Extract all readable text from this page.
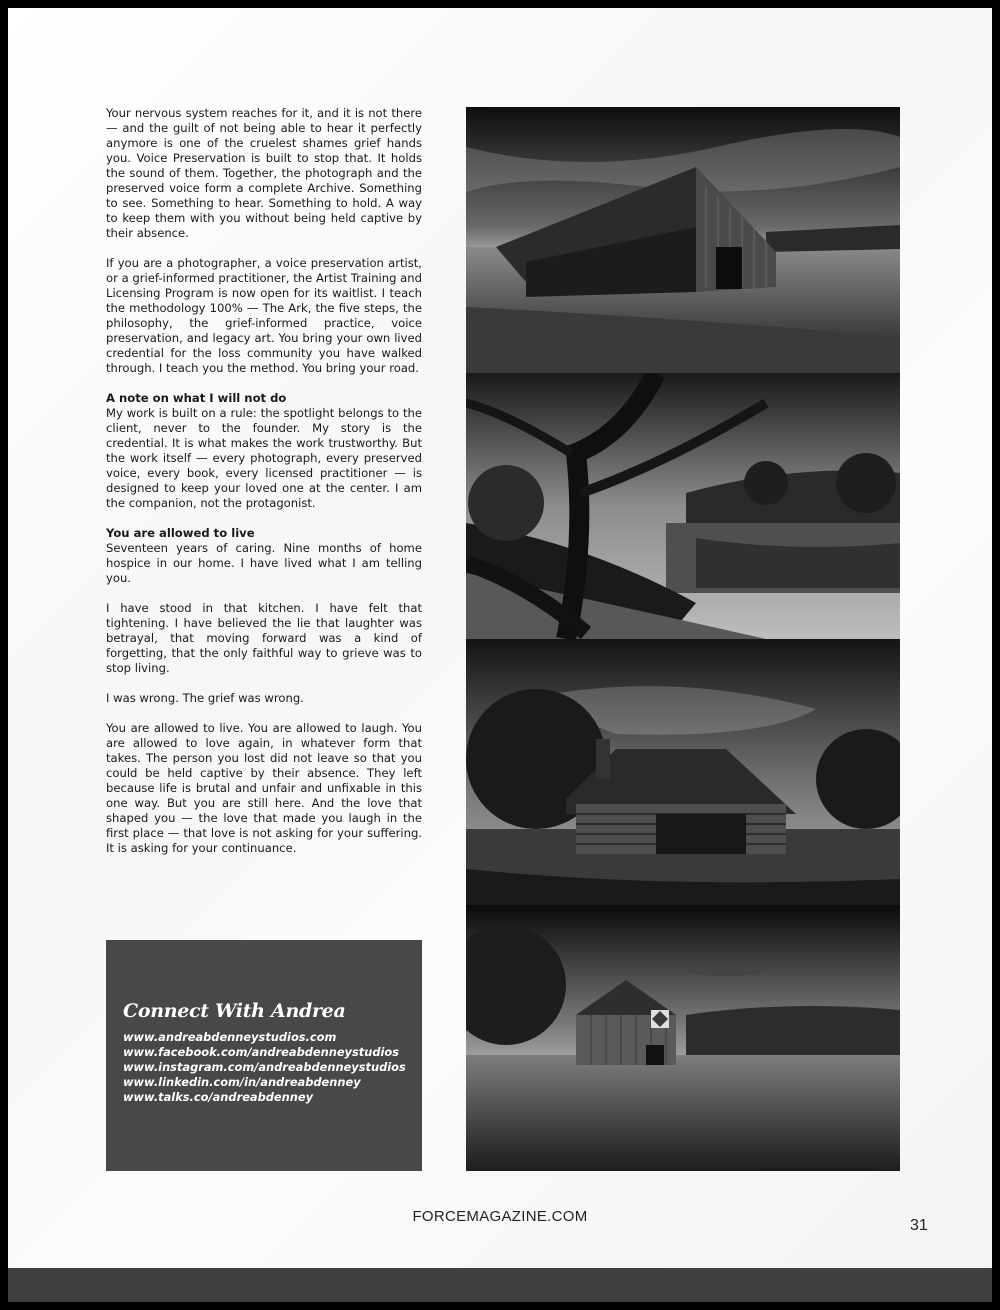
Your nervous system reaches for it, and it is not there — and the guilt of not being able to hear it perfectly anymore is one of the cruelest shames grief hands you. Voice Preservation is built to stop that. It holds the sound of them. Together, the photograph and the preserved voice form a complete Archive. Something to see. Something to hear. Something to hold. A way to keep them with you without being held captive by their absence.

If you are a photographer, a voice preservation artist, or a grief-informed practitioner, the Artist Training and Licensing Program is now open for its waitlist. I teach the methodology 100% — The Ark, the five steps, the philosophy, the grief-informed practice, voice preservation, and legacy art. You bring your own lived credential for the loss community you have walked through. I teach you the method. You bring your road.

A note on what I will not do

My work is built on a rule: the spotlight belongs to the client, never to the founder. My story is the credential. It is what makes the work trustworthy. But the work itself — every photograph, every preserved voice, every book, every licensed practitioner — is designed to keep your loved one at the center. I am the companion, not the protagonist.

You are allowed to live

Seventeen years of caring. Nine months of home hospice in our home. I have lived what I am telling you.

I have stood in that kitchen. I have felt that tightening. I have believed the lie that laughter was betrayal, that moving forward was a kind of forgetting, that the only faithful way to grieve was to stop living.

I was wrong. The grief was wrong.

You are allowed to live. You are allowed to laugh. You are allowed to love again, in whatever form that takes. The person you lost did not leave so that you could be held captive by their absence. They left because life is brutal and unfair and unfixable in this one way. But you are still here. And the love that shaped you — the love that made you laugh in the first place — that love is not asking for your suffering. It is asking for your continuance.

Connect With Andrea
www.andreabdenneystudios.com
www.facebook.com/andreabdenneystudios
www.instagram.com/andreabdenneystudios
www.linkedin.com/in/andreabdenney
www.talks.co/andreabdenney
FORCEMAGAZINE.COM
31
